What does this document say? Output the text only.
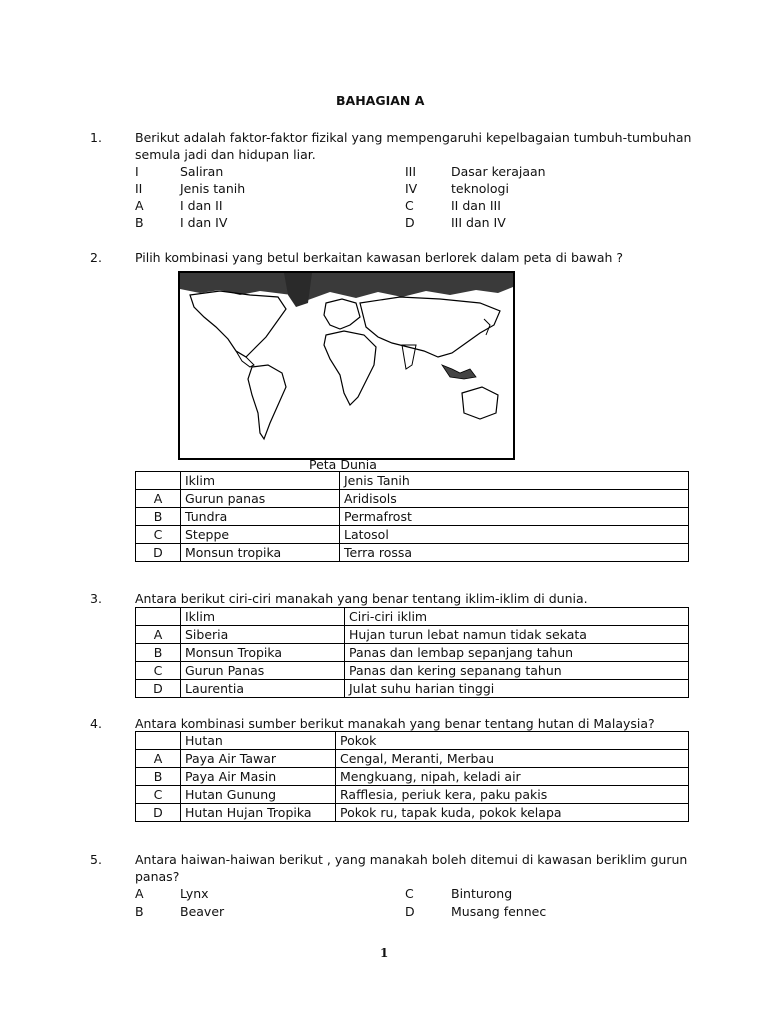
BAHAGIAN A
1.	Berikut adalah faktor-faktor fizikal yang mempengaruhi kepelbagaian tumbuh-tumbuhan
semula jadi dan hidupan liar.
I	Saliran
II	Jenis tanih
III	Dasar kerajaan
IV	teknologi
A	I dan II
B	I dan IV
C	II dan III
D	III dan IV
2.	Pilih kombinasi yang betul berkaitan kawasan berlorek dalam peta di bawah ?
Peta Dunia
	Iklim	Jenis Tanih
A	Gurun panas	Aridisols
B	Tundra	Permafrost
C	Steppe	Latosol
D	Monsun tropika	Terra rossa
3.	Antara berikut ciri-ciri manakah yang benar tentang iklim-iklim di dunia.
	Iklim	Ciri-ciri iklim
A	Siberia	Hujan turun lebat namun tidak sekata
B	Monsun Tropika	Panas dan lembap sepanjang tahun
C	Gurun Panas	Panas dan kering sepanang tahun
D	Laurentia	Julat suhu harian tinggi
4.	Antara kombinasi sumber berikut manakah yang benar tentang hutan di Malaysia?
	Hutan	Pokok
A	Paya Air Tawar	Cengal, Meranti, Merbau
B	Paya Air Masin	Mengkuang, nipah, keladi air
C	Hutan Gunung	Rafflesia, periuk kera, paku pakis
D	Hutan Hujan Tropika	Pokok ru, tapak kuda, pokok kelapa
5.	Antara haiwan-haiwan berikut , yang manakah boleh ditemui di kawasan beriklim gurun
panas?
A	Lynx
B	Beaver
C	Binturong
D	Musang fennec
1
